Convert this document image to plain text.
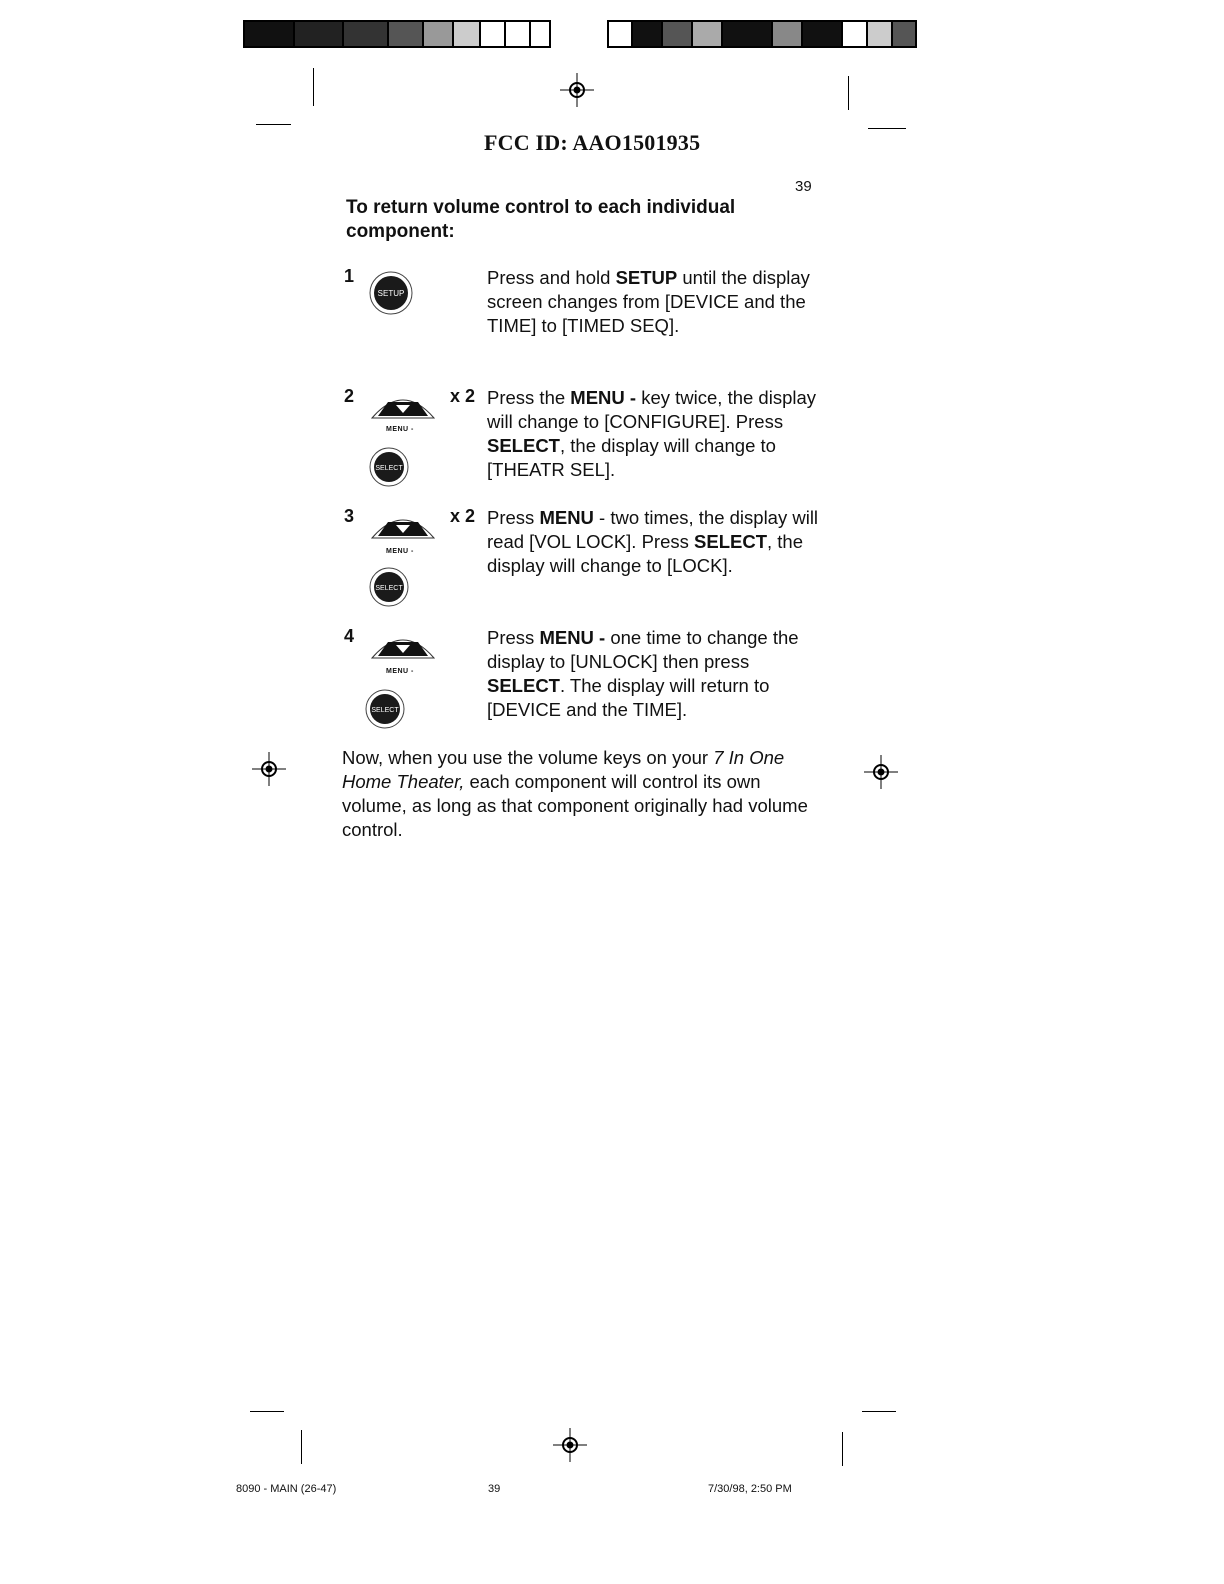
FCC ID: AAO1501935
39
To return volume control to each individual component:
1
SETUP
Press and hold SETUP until the display screen changes from [DEVICE and the TIME] to [TIMED SEQ].
2	x 2
MENU -
SELECT
Press the MENU - key twice, the display will change to [CONFIGURE]. Press SELECT, the display will change to [THEATR SEL].
3	x 2
MENU -
SELECT
Press MENU - two times, the display will read [VOL LOCK]. Press SELECT, the display will change to [LOCK].
4
MENU -
SELECT
Press MENU - one time to change the display to [UNLOCK] then press SELECT. The display will return to [DEVICE and the TIME].
Now, when you use the volume keys on your 7 In One Home Theater, each component will control its own volume, as long as that component originally had volume control.
8090 - MAIN (26-47)	39	7/30/98, 2:50 PM
